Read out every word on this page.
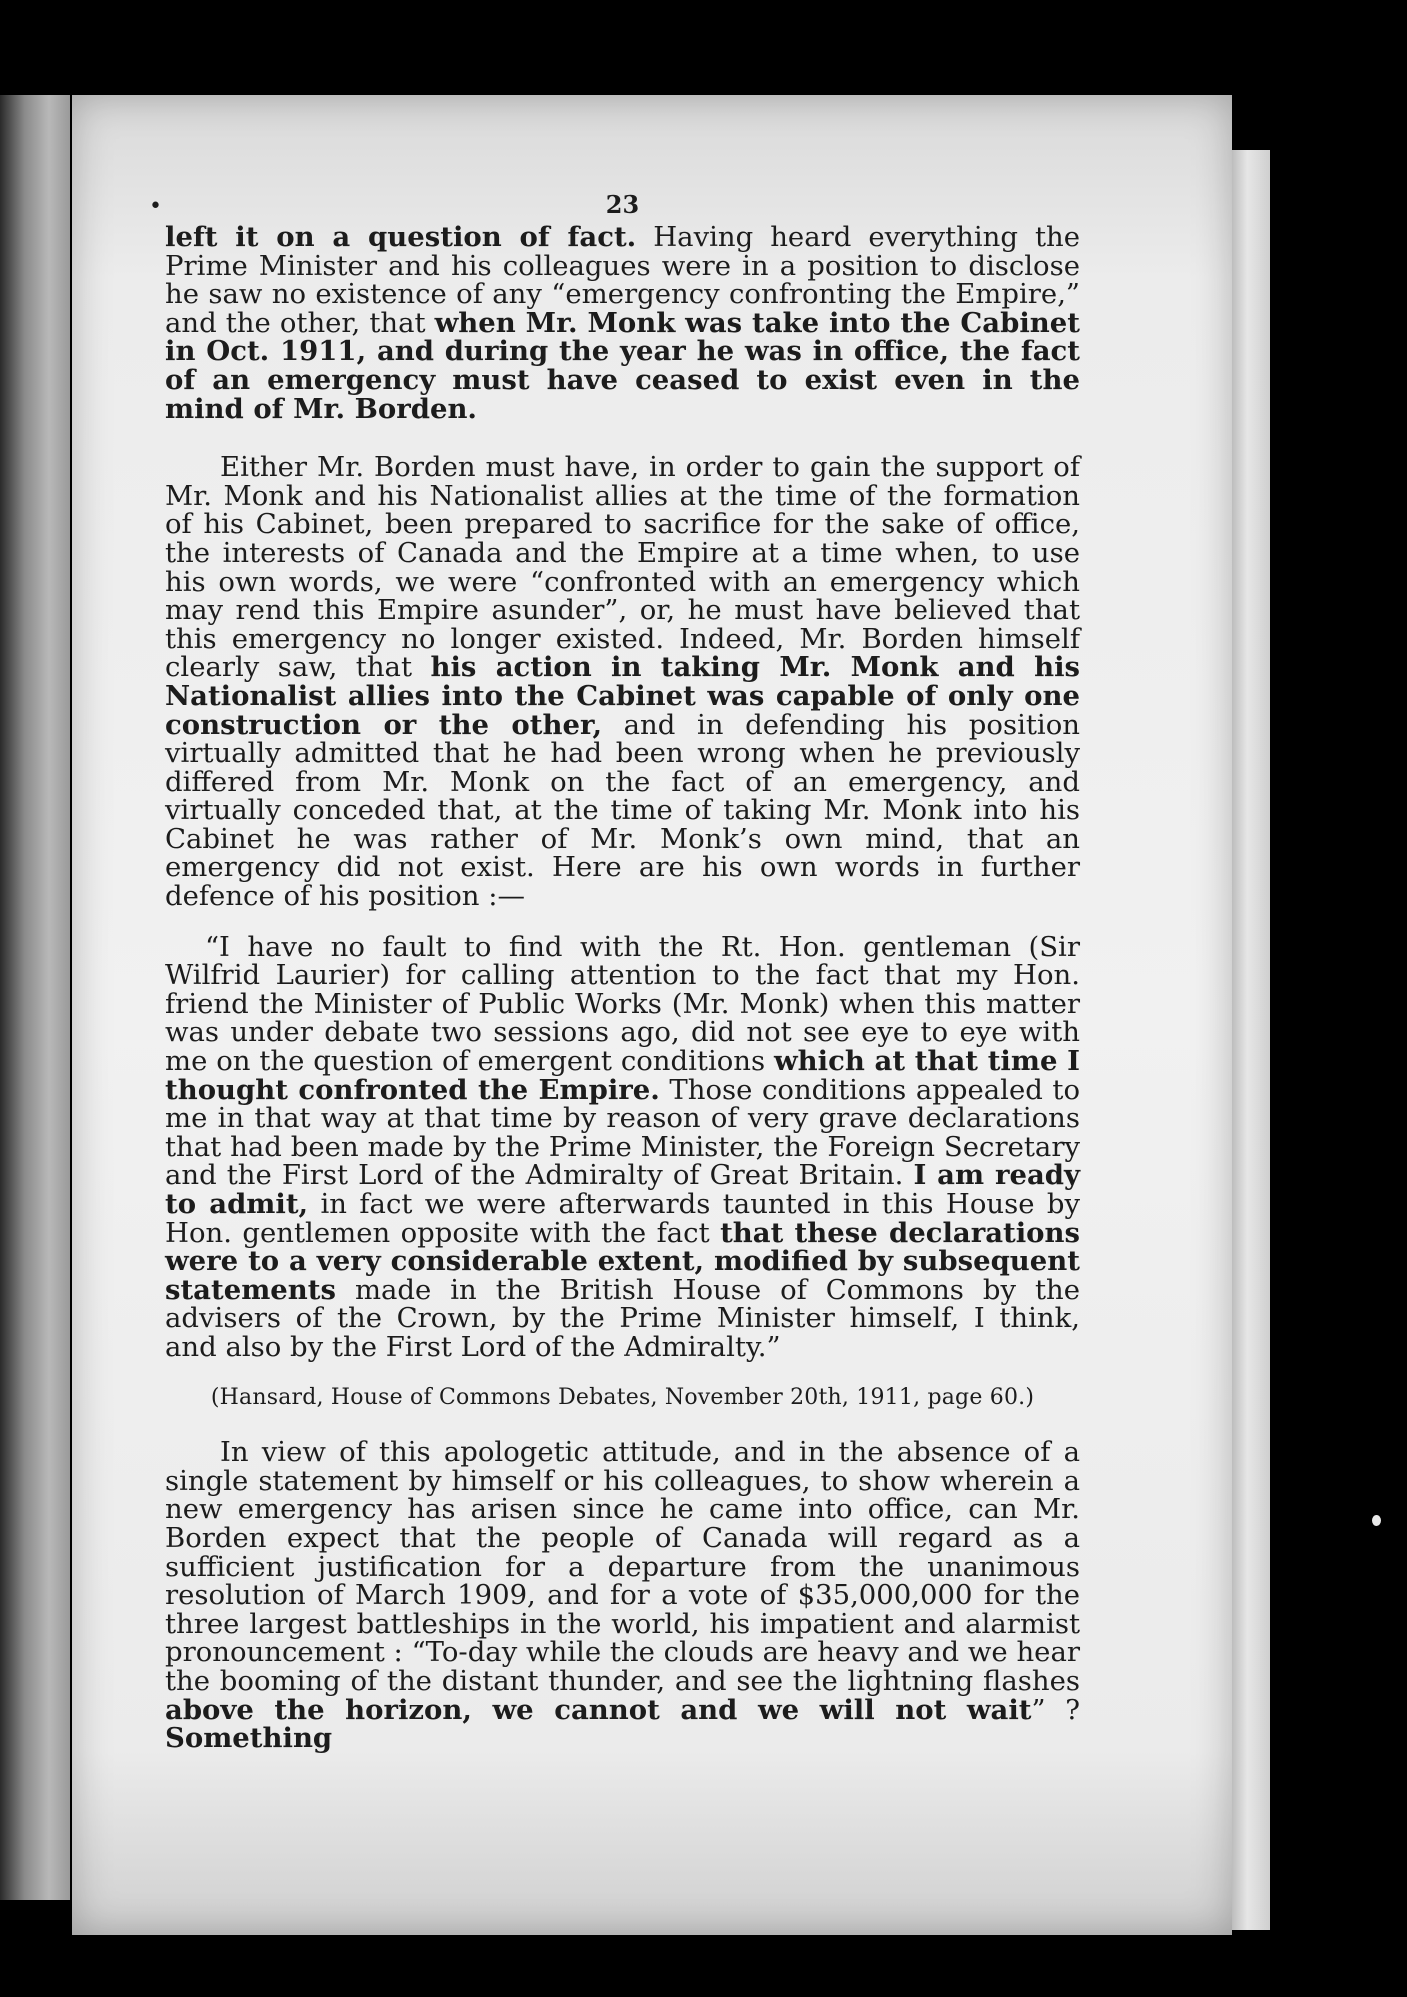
•	23

left it on a question of fact. Having heard everything the Prime Minister and his colleagues were in a position to disclose he saw no existence of any “emergency confronting the Empire,” and the other, that when Mr. Monk was take into the Cabinet in Oct. 1911, and during the year he was in office, the fact of an emergency must have ceased to exist even in the mind of Mr. Borden.

Either Mr. Borden must have, in order to gain the support of Mr. Monk and his Nationalist allies at the time of the formation of his Cabinet, been prepared to sacrifice for the sake of office, the interests of Canada and the Empire at a time when, to use his own words, we were “confronted with an emergency which may rend this Empire asunder”, or, he must have believed that this emergency no longer existed. Indeed, Mr. Borden himself clearly saw, that his action in taking Mr. Monk and his Nationalist allies into the Cabinet was capable of only one construction or the other, and in defending his position virtually admitted that he had been wrong when he previously differed from Mr. Monk on the fact of an emergency, and virtually conceded that, at the time of taking Mr. Monk into his Cabinet he was rather of Mr. Monk’s own mind, that an emergency did not exist. Here are his own words in further defence of his position :—

“I have no fault to find with the Rt. Hon. gentleman (Sir Wilfrid Laurier) for calling attention to the fact that my Hon. friend the Minister of Public Works (Mr. Monk) when this matter was under debate two sessions ago, did not see eye to eye with me on the question of emergent conditions which at that time I thought confronted the Empire. Those conditions appealed to me in that way at that time by reason of very grave declarations that had been made by the Prime Minister, the Foreign Secretary and the First Lord of the Admiralty of Great Britain. I am ready to admit, in fact we were afterwards taunted in this House by Hon. gentlemen opposite with the fact that these declarations were to a very considerable extent, modified by subsequent statements made in the British House of Commons by the advisers of the Crown, by the Prime Minister himself, I think, and also by the First Lord of the Admiralty.”

(Hansard, House of Commons Debates, November 20th, 1911, page 60.)

In view of this apologetic attitude, and in the absence of a single statement by himself or his colleagues, to show wherein a new emergency has arisen since he came into office, can Mr. Borden expect that the people of Canada will regard as a sufficient justification for a departure from the unanimous resolution of March 1909, and for a vote of $35,000,000 for the three largest battleships in the world, his impatient and alarmist pronouncement : “To-day while the clouds are heavy and we hear the booming of the distant thunder, and see the lightning flashes above the horizon, we cannot and we will not wait” ? Something
